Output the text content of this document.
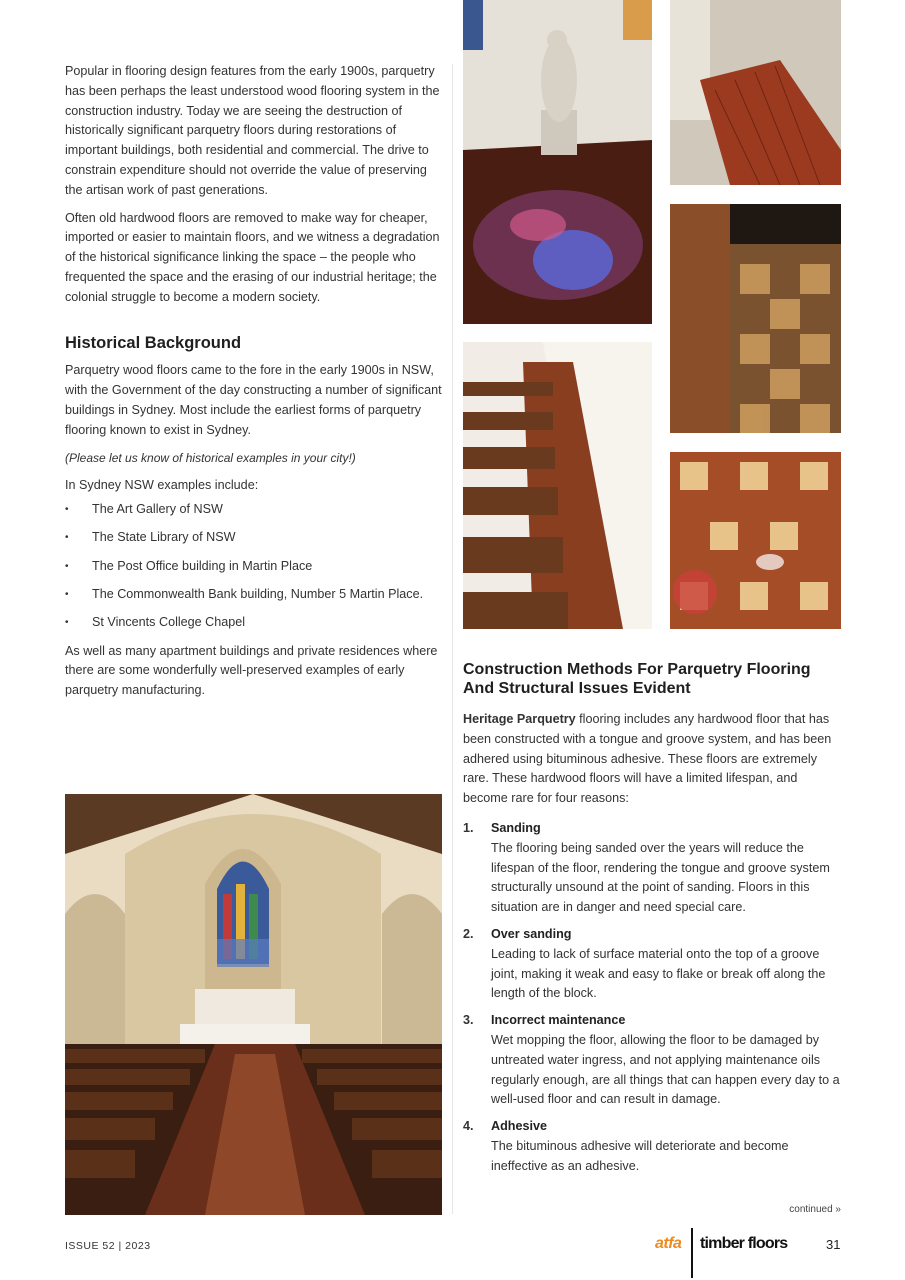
Popular in flooring design features from the early 1900s, parquetry has been perhaps the least understood wood flooring system in the construction industry. Today we are seeing the destruction of historically significant parquetry floors during restorations of important buildings, both residential and commercial. The drive to constrain expenditure should not override the value of preserving the artisan work of past generations.

Often old hardwood floors are removed to make way for cheaper, imported or easier to maintain floors, and we witness a degradation of the historical significance linking the space – the people who frequented the space and the erasing of our industrial heritage; the colonial struggle to become a modern society.

Historical Background

Parquetry wood floors came to the fore in the early 1900s in NSW, with the Government of the day constructing a number of significant buildings in Sydney. Most include the earliest forms of parquetry flooring known to exist in Sydney.

(Please let us know of historical examples in your city!)

In Sydney NSW examples include:

• The Art Gallery of NSW
• The State Library of NSW
• The Post Office building in Martin Place
• The Commonwealth Bank building, Number 5 Martin Place.
• St Vincents College Chapel

As well as many apartment buildings and private residences where there are some wonderfully well-preserved examples of early parquetry manufacturing.

Construction Methods For Parquetry Flooring And Structural Issues Evident

Heritage Parquetry flooring includes any hardwood floor that has been constructed with a tongue and groove system, and has been adhered using bituminous adhesive. These floors are extremely rare. These hardwood floors will have a limited lifespan, and become rare for four reasons:

1. Sanding
The flooring being sanded over the years will reduce the lifespan of the floor, rendering the tongue and groove system structurally unsound at the point of sanding. Floors in this situation are in danger and need special care.
2. Over sanding
Leading to lack of surface material onto the top of a groove joint, making it weak and easy to flake or break off along the length of the block.
3. Incorrect maintenance
Wet mopping the floor, allowing the floor to be damaged by untreated water ingress, and not applying maintenance oils regularly enough, are all things that can happen every day to a well-used floor and can result in damage.
4. Adhesive
The bituminous adhesive will deteriorate and become ineffective as an adhesive.
continued »
ISSUE 52 | 2023	atfa timber floors	31
